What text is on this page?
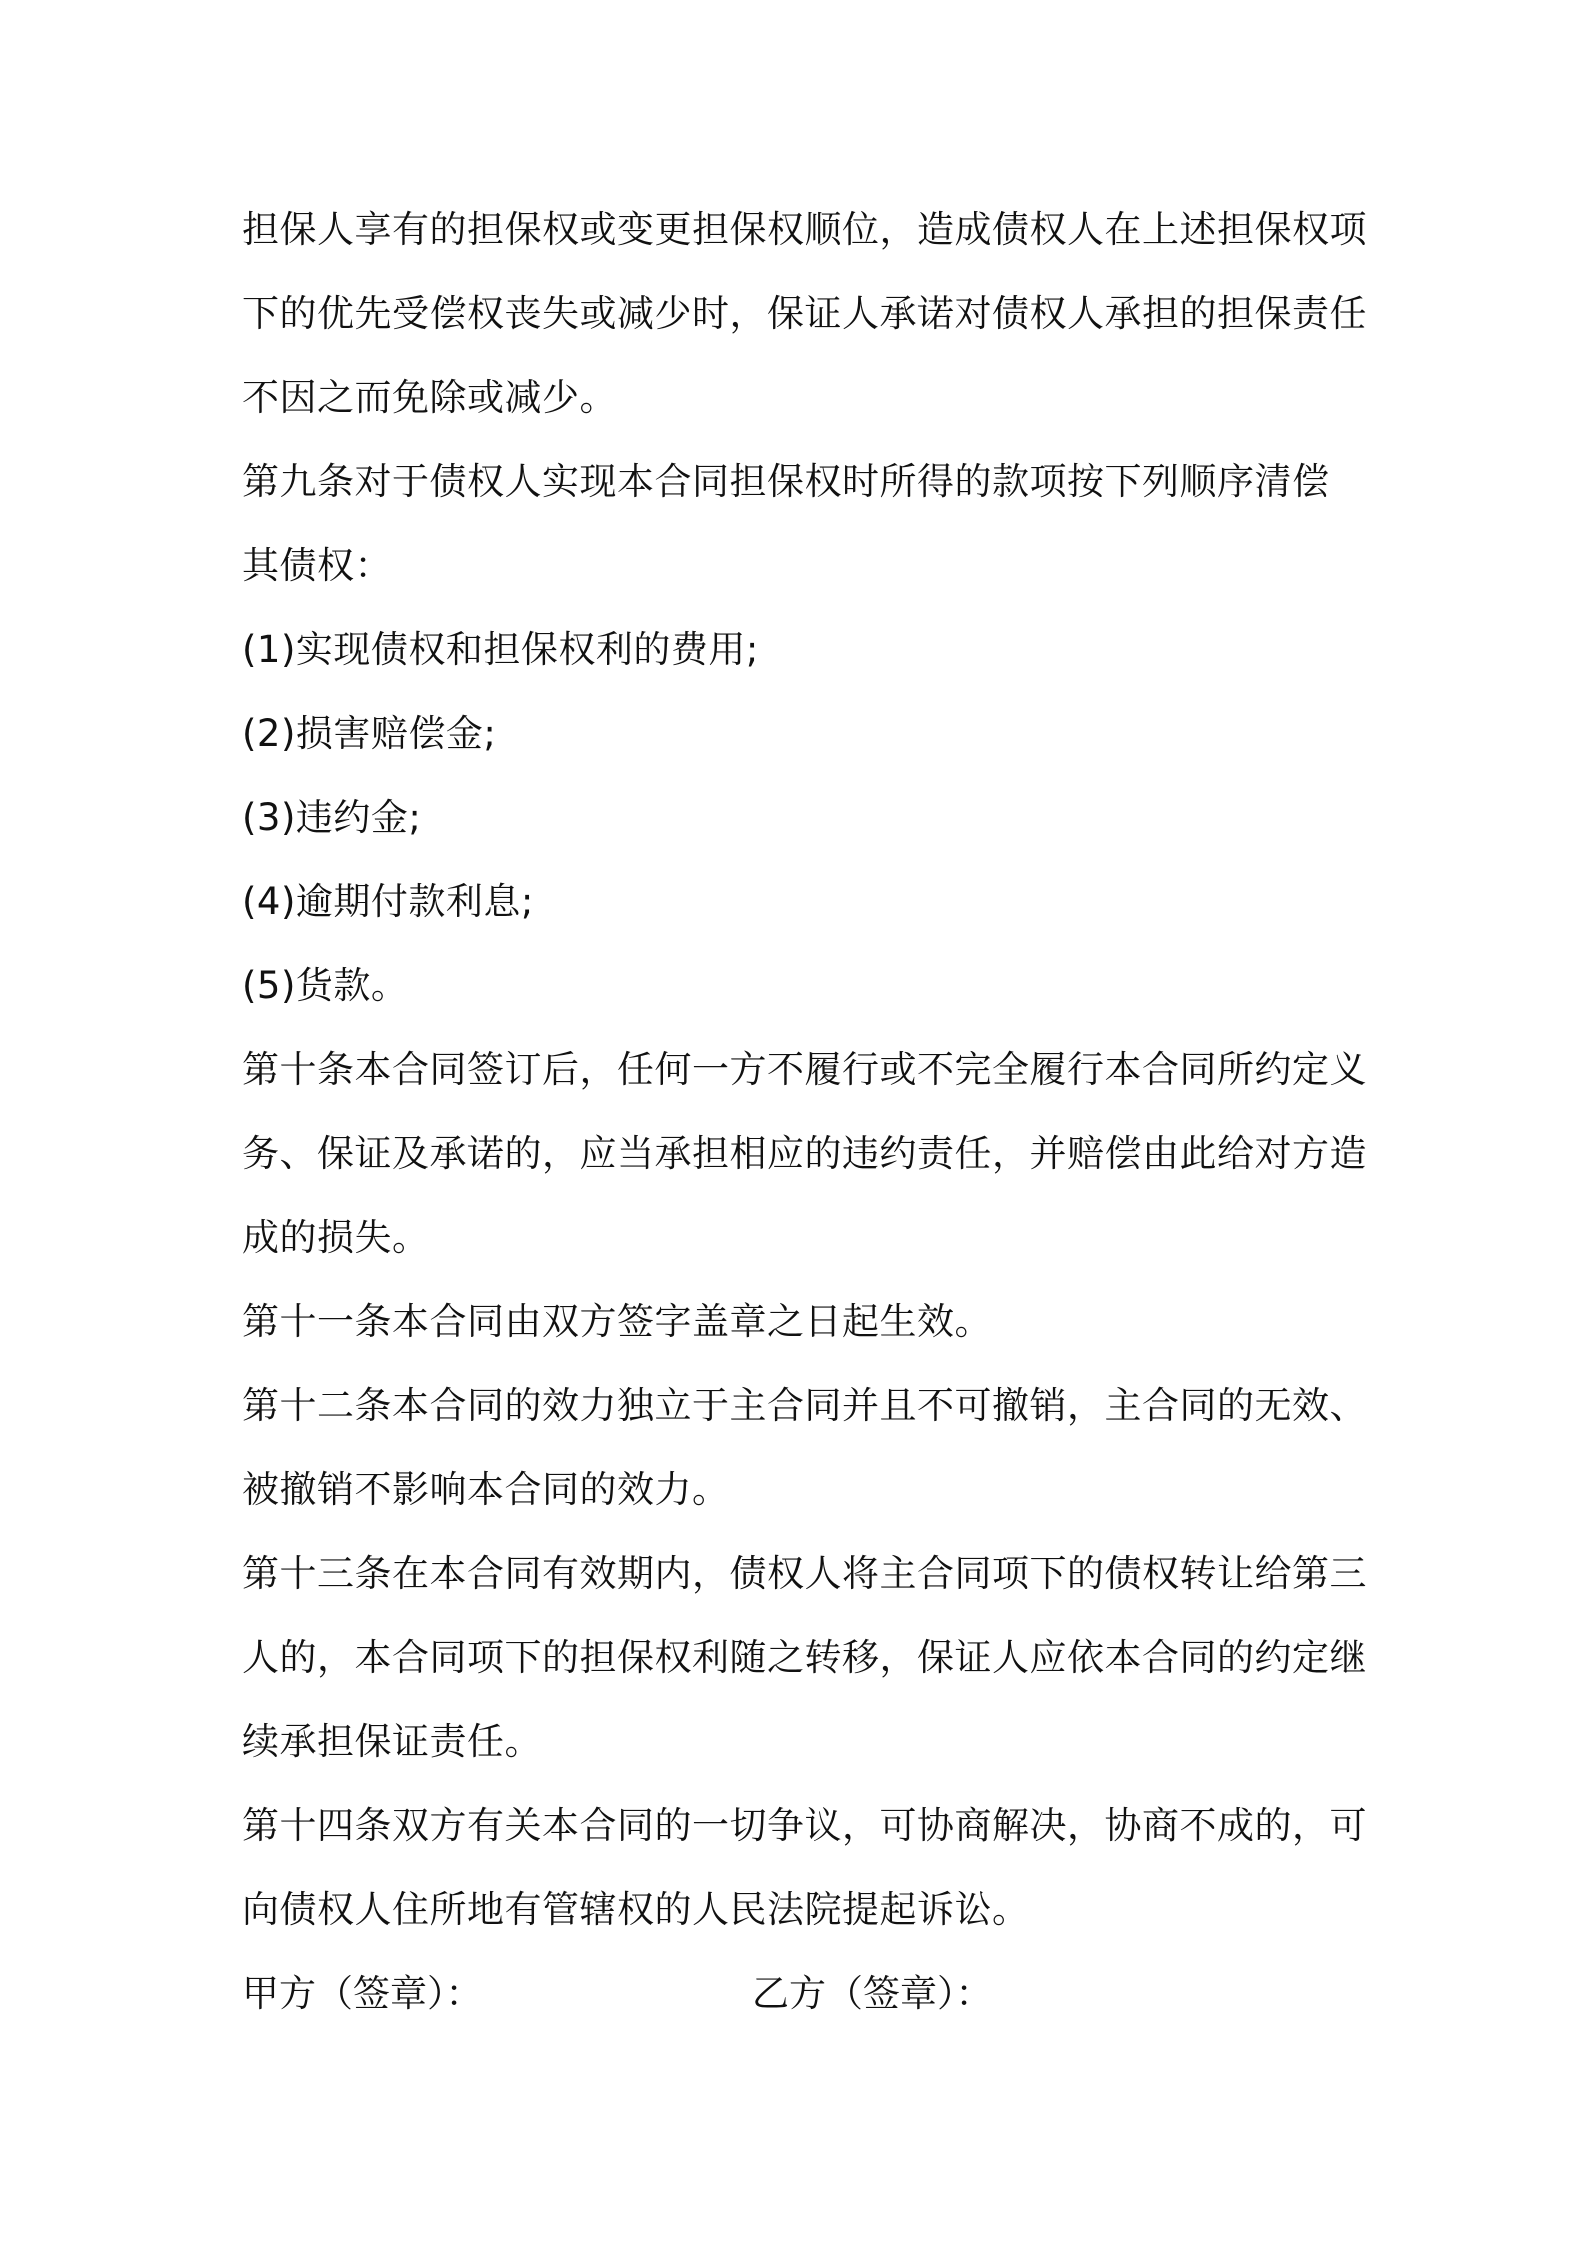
担保人享有的担保权或变更担保权顺位，造成债权人在上述担保权项
下的优先受偿权丧失或减少时，保证人承诺对债权人承担的担保责任
不因之而免除或减少。
第九条对于债权人实现本合同担保权时所得的款项按下列顺序清偿
其债权：
(1)实现债权和担保权利的费用;
(2)损害赔偿金;
(3)违约金;
(4)逾期付款利息;
(5)货款。
第十条本合同签订后，任何一方不履行或不完全履行本合同所约定义
务、保证及承诺的，应当承担相应的违约责任，并赔偿由此给对方造
成的损失。
第十一条本合同由双方签字盖章之日起生效。
第十二条本合同的效力独立于主合同并且不可撤销，主合同的无效、
被撤销不影响本合同的效力。
第十三条在本合同有效期内，债权人将主合同项下的债权转让给第三
人的，本合同项下的担保权利随之转移，保证人应依本合同的约定继
续承担保证责任。
第十四条双方有关本合同的一切争议，可协商解决，协商不成的，可
向债权人住所地有管辖权的人民法院提起诉讼。
甲方（签章）：	乙方（签章）：
